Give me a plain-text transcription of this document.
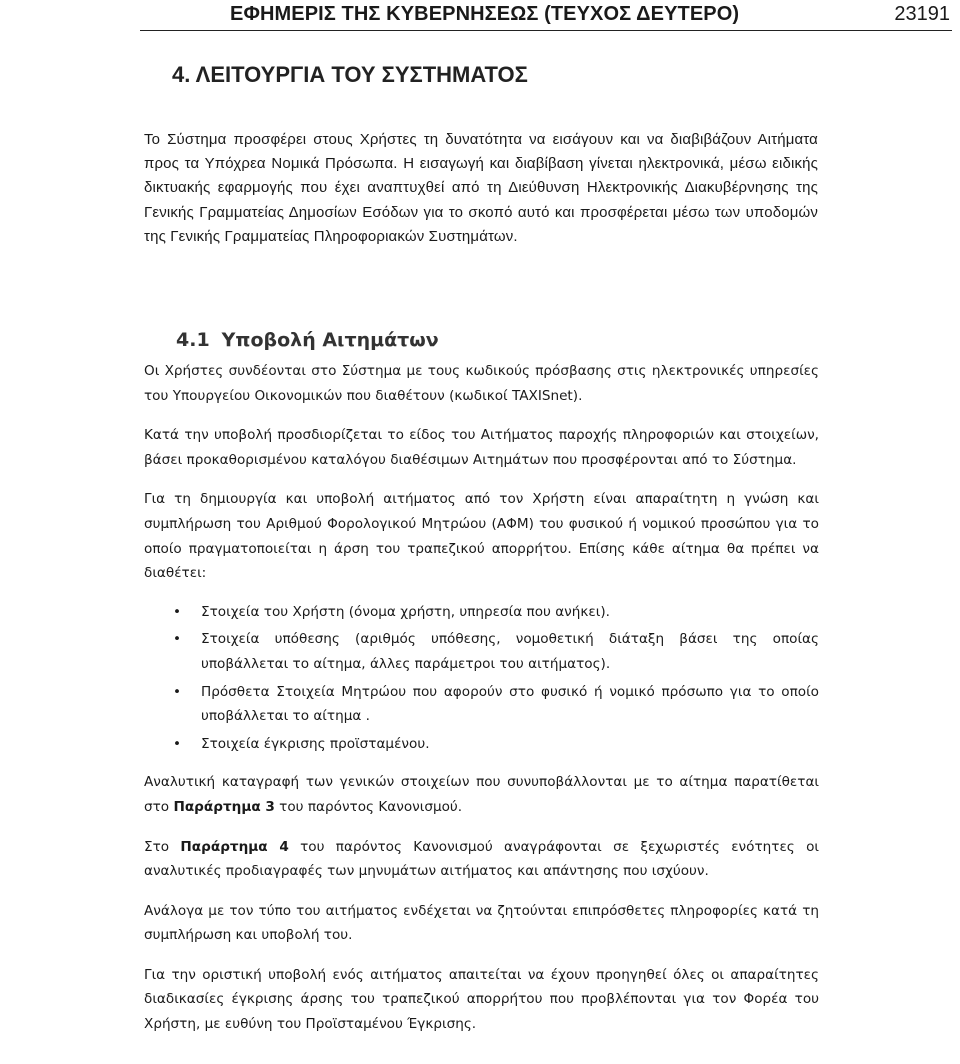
ΕΦΗΜΕΡΙΣ ΤΗΣ ΚΥΒΕΡΝΗΣΕΩΣ (ΤΕΥΧΟΣ ΔΕΥΤΕΡΟ)	23191
4. ΛΕΙΤΟΥΡΓΙΑ ΤΟΥ ΣΥΣΤΗΜΑΤΟΣ
Το Σύστημα προσφέρει στους Χρήστες τη δυνατότητα να εισάγουν και να διαβιβάζουν Αιτήματα προς τα Υπόχρεα Νομικά Πρόσωπα. Η εισαγωγή και διαβίβαση γίνεται ηλεκτρονικά, μέσω ειδικής δικτυακής εφαρμογής που έχει αναπτυχθεί από τη Διεύθυνση Ηλεκτρονικής Διακυβέρνησης της Γενικής Γραμματείας Δημοσίων Εσόδων για το σκοπό αυτό και προσφέρεται μέσω των υποδομών της Γενικής Γραμματείας Πληροφοριακών Συστημάτων.
4.1 Υποβολή Αιτημάτων

Οι Χρήστες συνδέονται στο Σύστημα με τους κωδικούς πρόσβασης στις ηλεκτρονικές υπηρεσίες του Υπουργείου Οικονομικών που διαθέτουν (κωδικοί TAXISnet).

Κατά την υποβολή προσδιορίζεται το είδος του Αιτήματος παροχής πληροφοριών και στοιχείων, βάσει προκαθορισμένου καταλόγου διαθέσιμων Αιτημάτων που προσφέρονται από το Σύστημα.

Για τη δημιουργία και υποβολή αιτήματος από τον Χρήστη είναι απαραίτητη η γνώση και συμπλήρωση του Αριθμού Φορολογικού Μητρώου (ΑΦΜ) του φυσικού ή νομικού προσώπου για το οποίο πραγματοποιείται η άρση του τραπεζικού απορρήτου. Επίσης κάθε αίτημα θα πρέπει να διαθέτει:

• Στοιχεία του Χρήστη (όνομα χρήστη, υπηρεσία που ανήκει).
• Στοιχεία υπόθεσης (αριθμός υπόθεσης, νομοθετική διάταξη βάσει της οποίας υποβάλλεται το αίτημα, άλλες παράμετροι του αιτήματος).
• Πρόσθετα Στοιχεία Μητρώου που αφορούν στο φυσικό ή νομικό πρόσωπο για το οποίο υποβάλλεται το αίτημα .
• Στοιχεία έγκρισης προϊσταμένου.

Αναλυτική καταγραφή των γενικών στοιχείων που συνυποβάλλονται με το αίτημα παρατίθεται στο Παράρτημα 3 του παρόντος Κανονισμού.

Στο Παράρτημα 4 του παρόντος Κανονισμού αναγράφονται σε ξεχωριστές ενότητες οι αναλυτικές προδιαγραφές των μηνυμάτων αιτήματος και απάντησης που ισχύουν.

Ανάλογα με τον τύπο του αιτήματος ενδέχεται να ζητούνται επιπρόσθετες πληροφορίες κατά τη συμπλήρωση και υποβολή του.

Για την οριστική υποβολή ενός αιτήματος απαιτείται να έχουν προηγηθεί όλες οι απαραίτητες διαδικασίες έγκρισης άρσης του τραπεζικού απορρήτου που προβλέπονται για τον Φορέα του Χρήστη, με ευθύνη του Προϊσταμένου Έγκρισης.
